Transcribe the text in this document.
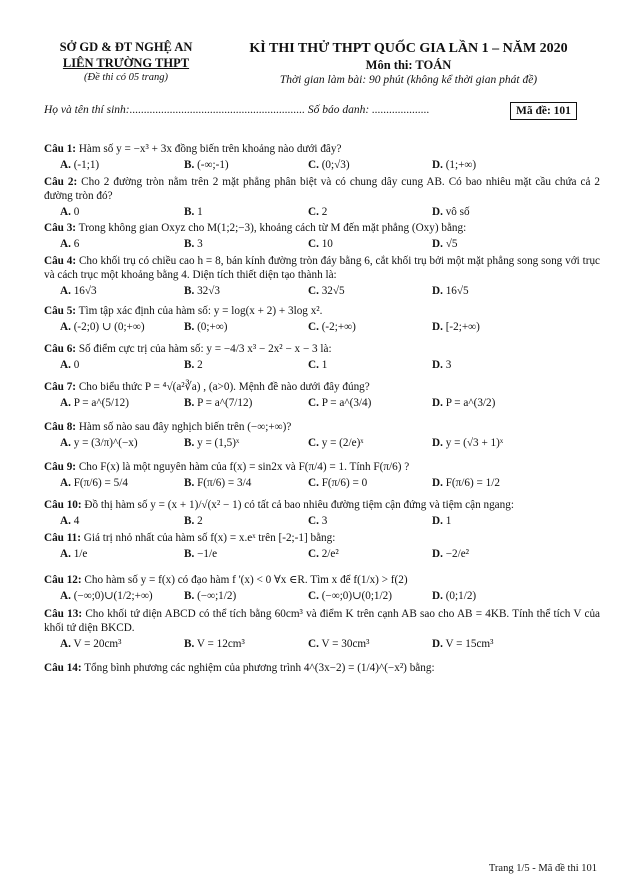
SỞ GD & ĐT NGHỆ AN
LIÊN TRƯỜNG THPT
(Đề thi có 05 trang)
KÌ THI THỬ THPT QUỐC GIA LẦN 1 – NĂM 2020
Môn thi: TOÁN
Thời gian làm bài: 90 phút (không kể thời gian phát đề)
Họ và tên thí sinh:............................................................. Số báo danh: ....................	Mã đề: 101
Câu 1: Hàm số y = −x³ + 3x đồng biến trên khoảng nào dưới đây?
A. (-1;1)	B. (-∞;-1)	C. (0;√3)	D. (1;+∞)
Câu 2: Cho 2 đường tròn nằm trên 2 mặt phẳng phân biệt và có chung dây cung AB. Có bao nhiêu mặt cầu chứa cả 2 đường tròn đó?
A. 0	B. 1	C. 2	D. vô số
Câu 3: Trong không gian Oxyz cho M(1;2;−3), khoảng cách từ M đến mặt phẳng (Oxy) bằng:
A. 6	B. 3	C. 10	D. √5
Câu 4: Cho khối trụ có chiều cao h = 8, bán kính đường tròn đáy bằng 6, cắt khối trụ bởi một mặt phẳng song song với trục và cách trục một khoảng bằng 4. Diện tích thiết diện tạo thành là:
A. 16√3	B. 32√3	C. 32√5	D. 16√5
Câu 5: Tìm tập xác định của hàm số: y = log(x + 2) + 3log x².
A. (-2;0) ∪ (0;+∞)	B. (0;+∞)	C. (-2;+∞)	D. [-2;+∞)
Câu 6: Số điểm cực trị của hàm số: y = −4/3 x³ − 2x² − x − 3 là:
A. 0	B. 2	C. 1	D. 3
Câu 7: Cho biểu thức P = ⁴√(a²∛a) , (a>0). Mệnh đề nào dưới đây đúng?
A. P = a^(5/12)	B. P = a^(7/12)	C. P = a^(3/4)	D. P = a^(3/2)
Câu 8: Hàm số nào sau đây nghịch biến trên (−∞;+∞)?
A. y = (3/π)^(−x)	B. y = (1,5)ˣ	C. y = (2/e)ˣ	D. y = (√3 + 1)ˣ
Câu 9: Cho F(x) là một nguyên hàm của f(x) = sin2x và F(π/4) = 1. Tính F(π/6) ?
A. F(π/6) = 5/4	B. F(π/6) = 3/4	C. F(π/6) = 0	D. F(π/6) = 1/2
Câu 10: Đồ thị hàm số y = (x + 1)/√(x² − 1) có tất cả bao nhiêu đường tiệm cận đứng và tiệm cận ngang:
A. 4	B. 2	C. 3	D. 1
Câu 11: Giá trị nhỏ nhất của hàm số f(x) = x.eˣ trên [-2;-1] bằng:
A. 1/e	B. −1/e	C. 2/e²	D. −2/e²
Câu 12: Cho hàm số y = f(x) có đạo hàm f '(x) < 0 ∀x ∈R. Tìm x để f(1/x) > f(2)
A. (−∞;0)∪(1/2;+∞)	B. (−∞;1/2)	C. (−∞;0)∪(0;1/2)	D. (0;1/2)
Câu 13: Cho khối tứ diện ABCD có thể tích bằng 60cm³ và điểm K trên cạnh AB sao cho AB = 4KB. Tính thể tích V của khối tứ diện BKCD.
A. V = 20cm³	B. V = 12cm³	C. V = 30cm³	D. V = 15cm³
Câu 14: Tổng bình phương các nghiệm của phương trình 4^(3x−2) = (1/4)^(−x²) bằng:
Trang 1/5 - Mã đề thi 101
